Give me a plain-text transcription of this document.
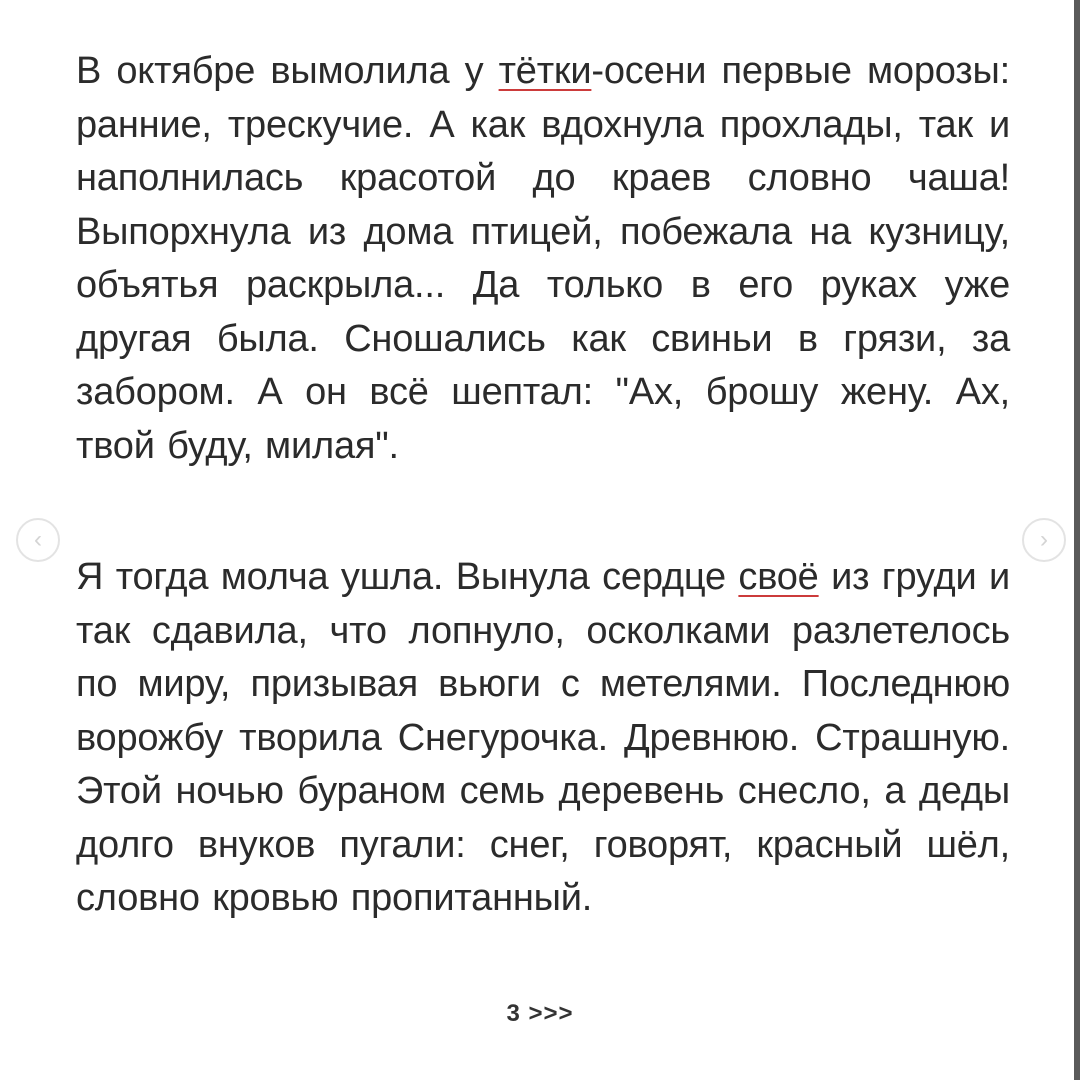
В октябре вымолила у тётки-осени первые морозы: ранние, трескучие. А как вдохнула прохлады, так и наполнилась красотой до краев словно чаша! Выпорхнула из дома птицей, побежала на кузницу, объятья раскрыла... Да только в его руках уже другая была. Сношались как свиньи в грязи, за забором. А он всё шептал: "Ах, брошу жену. Ах, твой буду, милая".

Я тогда молча ушла. Вынула сердце своё из груди и так сдавила, что лопнуло, осколками разлетелось по миру, призывая вьюги с метелями. Последнюю ворожбу творила Снегурочка. Древнюю. Страшную. Этой ночью бураном семь деревень снесло, а деды долго внуков пугали: снег, говорят, красный шёл, словно кровью пропитанный.

‹	›
3 >>>
